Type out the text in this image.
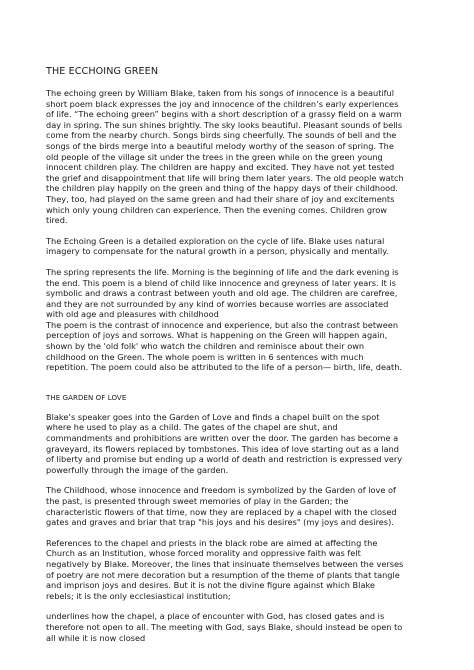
THE ECCHOING GREEN
The echoing green by William Blake, taken from his songs of innocence is a beautiful
short poem black expresses the joy and innocence of the children’s early experiences
of life. “The echoing green” begins with a short description of a grassy field on a warm
day in spring. The sun shines brightly. The sky looks beautiful. Pleasant sounds of bells
come from the nearby church. Songs birds sing cheerfully. The sounds of bell and the
songs of the birds merge into a beautiful melody worthy of the season of spring. The
old people of the village sit under the trees in the green while on the green young
innocent children play. The children are happy and excited. They have not yet tested
the grief and disappointment that life will bring them later years. The old people watch
the children play happily on the green and thing of the happy days of their childhood.
They, too, had played on the same green and had their share of joy and excitements
which only young children can experience. Then the evening comes. Children grow
tired.
The Echoing Green is a detailed exploration on the cycle of life. Blake uses natural
imagery to compensate for the natural growth in a person, physically and mentally.
The spring represents the life. Morning is the beginning of life and the dark evening is
the end. This poem is a blend of child like innocence and greyness of later years. It is
symbolic and draws a contrast between youth and old age. The children are carefree,
and they are not surrounded by any kind of worries because worries are associated
with old age and pleasures with childhood
The poem is the contrast of innocence and experience, but also the contrast between
perception of joys and sorrows. What is happening on the Green will happen again,
shown by the 'old folk' who watch the children and reminisce about their own
childhood on the Green. The whole poem is written in 6 sentences with much
repetition. The poem could also be attributed to the life of a person— birth, life, death.
THE GARDEN OF LOVE
Blake’s speaker goes into the Garden of Love and finds a chapel built on the spot
where he used to play as a child. The gates of the chapel are shut, and
commandments and prohibitions are written over the door. The garden has become a
graveyard, its flowers replaced by tombstones. This idea of love starting out as a land
of liberty and promise but ending up a world of death and restriction is expressed very
powerfully through the image of the garden.
The Childhood, whose innocence and freedom is symbolized by the Garden of love of
the past, is presented through sweet memories of play in the Garden; the
characteristic flowers of that time, now they are replaced by a chapel with the closed
gates and graves and briar that trap "his joys and his desires" (my joys and desires).
References to the chapel and priests in the black robe are aimed at affecting the
Church as an Institution, whose forced morality and oppressive faith was felt
negatively by Blake. Moreover, the lines that insinuate themselves between the verses
of poetry are not mere decoration but a resumption of the theme of plants that tangle
and imprison joys and desires. But it is not the divine figure against which Blake
rebels; it is the only ecclesiastical institution;
underlines how the chapel, a place of encounter with God, has closed gates and is
therefore not open to all. The meeting with God, says Blake, should instead be open to
all while it is now closed
